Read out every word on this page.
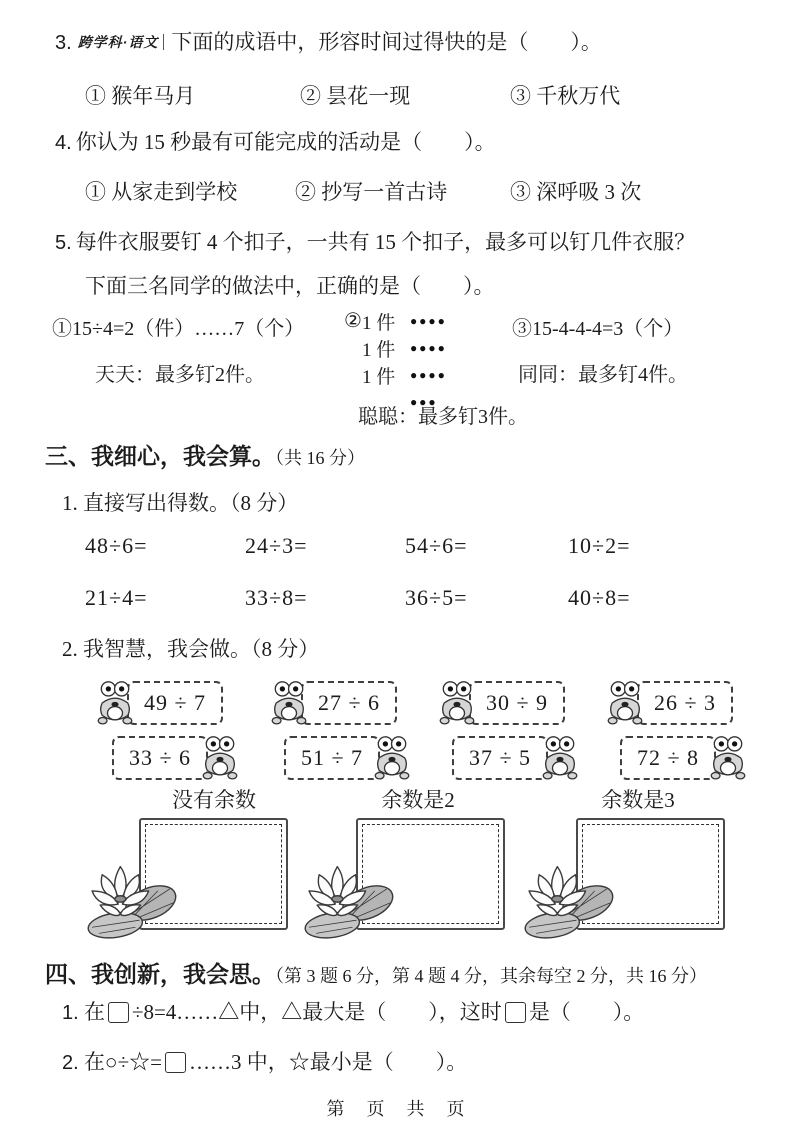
3. 跨学科·语文 下面的成语中，形容时间过得快的是（　　）。
① 猴年马月	② 昙花一现	③ 千秋万代
4. 你认为 15 秒最有可能完成的活动是（　　）。
① 从家走到学校	② 抄写一首古诗	③ 深呼吸 3 次
5. 每件衣服要钉 4 个扣子，一共有 15 个扣子，最多可以钉几件衣服？
下面三名同学的做法中，正确的是（　　）。
①15÷4=2（件）……7（个）
天天：最多钉2件。
② 1 件	●●●●
1 件	●●●●
1 件	●●●●
●●●
聪聪：最多钉3件。
③15-4-4-4=3（个）
同同：最多钉4件。
三、我细心，我会算。（共 16 分）
1. 直接写出得数。（8 分）
48÷6=	24÷3=	54÷6=	10÷2=
21÷4=	33÷8=	36÷5=	40÷8=
2. 我智慧，我会做。（8 分）
49 ÷ 7	27 ÷ 6	30 ÷ 9	26 ÷ 3
33 ÷ 6	51 ÷ 7	37 ÷ 5	72 ÷ 8
没有余数	余数是2	余数是3
四、我创新，我会思。（第 3 题 6 分，第 4 题 4 分，其余每空 2 分，共 16 分）
1. 在 ÷8=4……△中，△最大是（　　），这时 是（　　）。
2. 在○÷☆= ……3 中，☆最小是（　　）。
第　页　共　页
